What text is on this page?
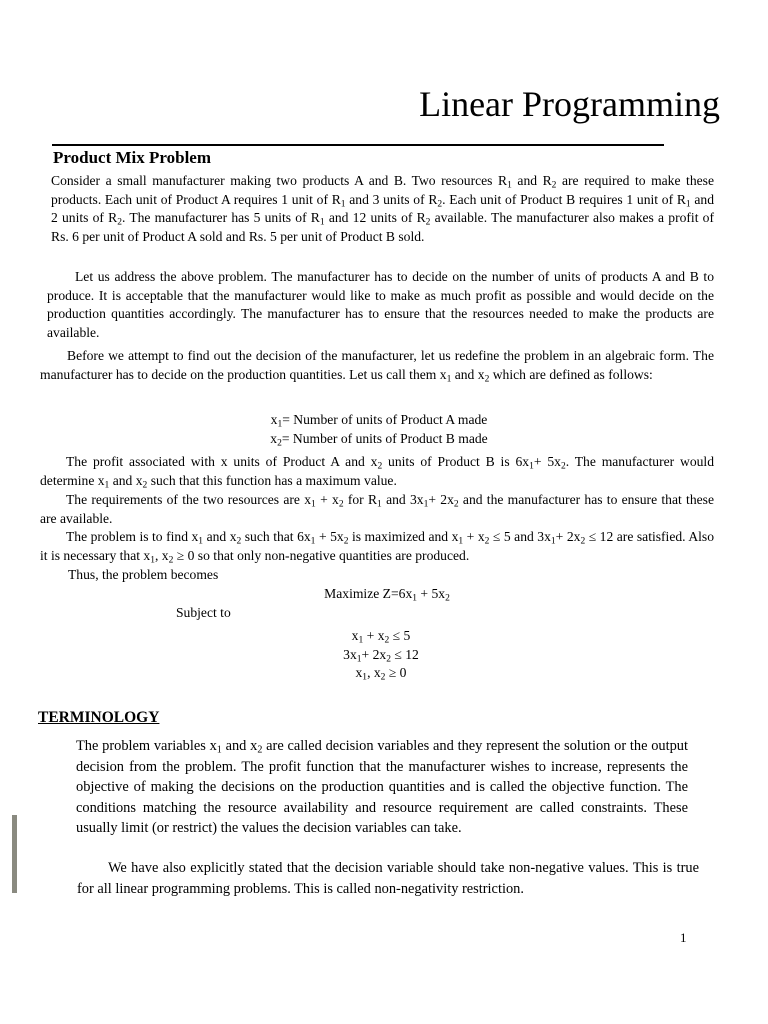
Linear Programming
Product Mix Problem

Consider a small manufacturer making two products A and B. Two resources $R_1$ and $R_2$ are required to make these products. Each unit of Product A requires 1 unit of $R_1$ and 3 units of $R_2$. Each unit of Product B requires 1 unit of $R_1$ and 2 units of $R_2$. The manufacturer has 5 units of $R_1$ and 12 units of $R_2$ available. The manufacturer also makes a profit of Rs. 6 per unit of Product A sold and Rs. 5 per unit of Product B sold.

Let us address the above problem. The manufacturer has to decide on the number of units of products A and B to produce. It is acceptable that the manufacturer would like to make as much profit as possible and would decide on the production quantities accordingly. The manufacturer has to ensure that the resources needed to make the products are available.

Before we attempt to find out the decision of the manufacturer, let us redefine the problem in an algebraic form. The manufacturer has to decide on the production quantities. Let us call them $x_1$ and $x_2$ which are defined as follows:

$x_1=$ Number of units of Product A made
$x_2=$ Number of units of Product B made

The profit associated with x units of Product A and $x_2$ units of Product B is $6x_1+ 5x_2$. The manufacturer would determine $x_1$ and $x_2$ such that this function has a maximum value.

The requirements of the two resources are $x_1 + x_2$ for $R_1$ and $3x_1+ 2x_2$ and the manufacturer has to ensure that these are available.

The problem is to find $x_1$ and $x_2$ such that $6x_1 + 5x_2$ is maximized and $x_1 + x_2 \le 5$ and $3x_1+ 2x_2 \le 12$ are satisfied. Also it is necessary that $x_1$, $x_2 \ge 0$ so that only non-negative quantities are produced.

Thus, the problem becomes
Maximize $Z=6x_1 + 5x_2$
Subject to
$x_1 + x_2 \le 5$
$3x_1+ 2x_2 \le 12$
$x_1$, $x_2 \ge 0$
TERMINOLOGY

The problem variables $x_1$ and $x_2$ are called decision variables and they represent the solution or the output decision from the problem. The profit function that the manufacturer wishes to increase, represents the objective of making the decisions on the production quantities and is called the objective function. The conditions matching the resource availability and resource requirement are called constraints. These usually limit (or restrict) the values the decision variables can take.

We have also explicitly stated that the decision variable should take non-negative values. This is true for all linear programming problems. This is called non-negativity restriction.

1
